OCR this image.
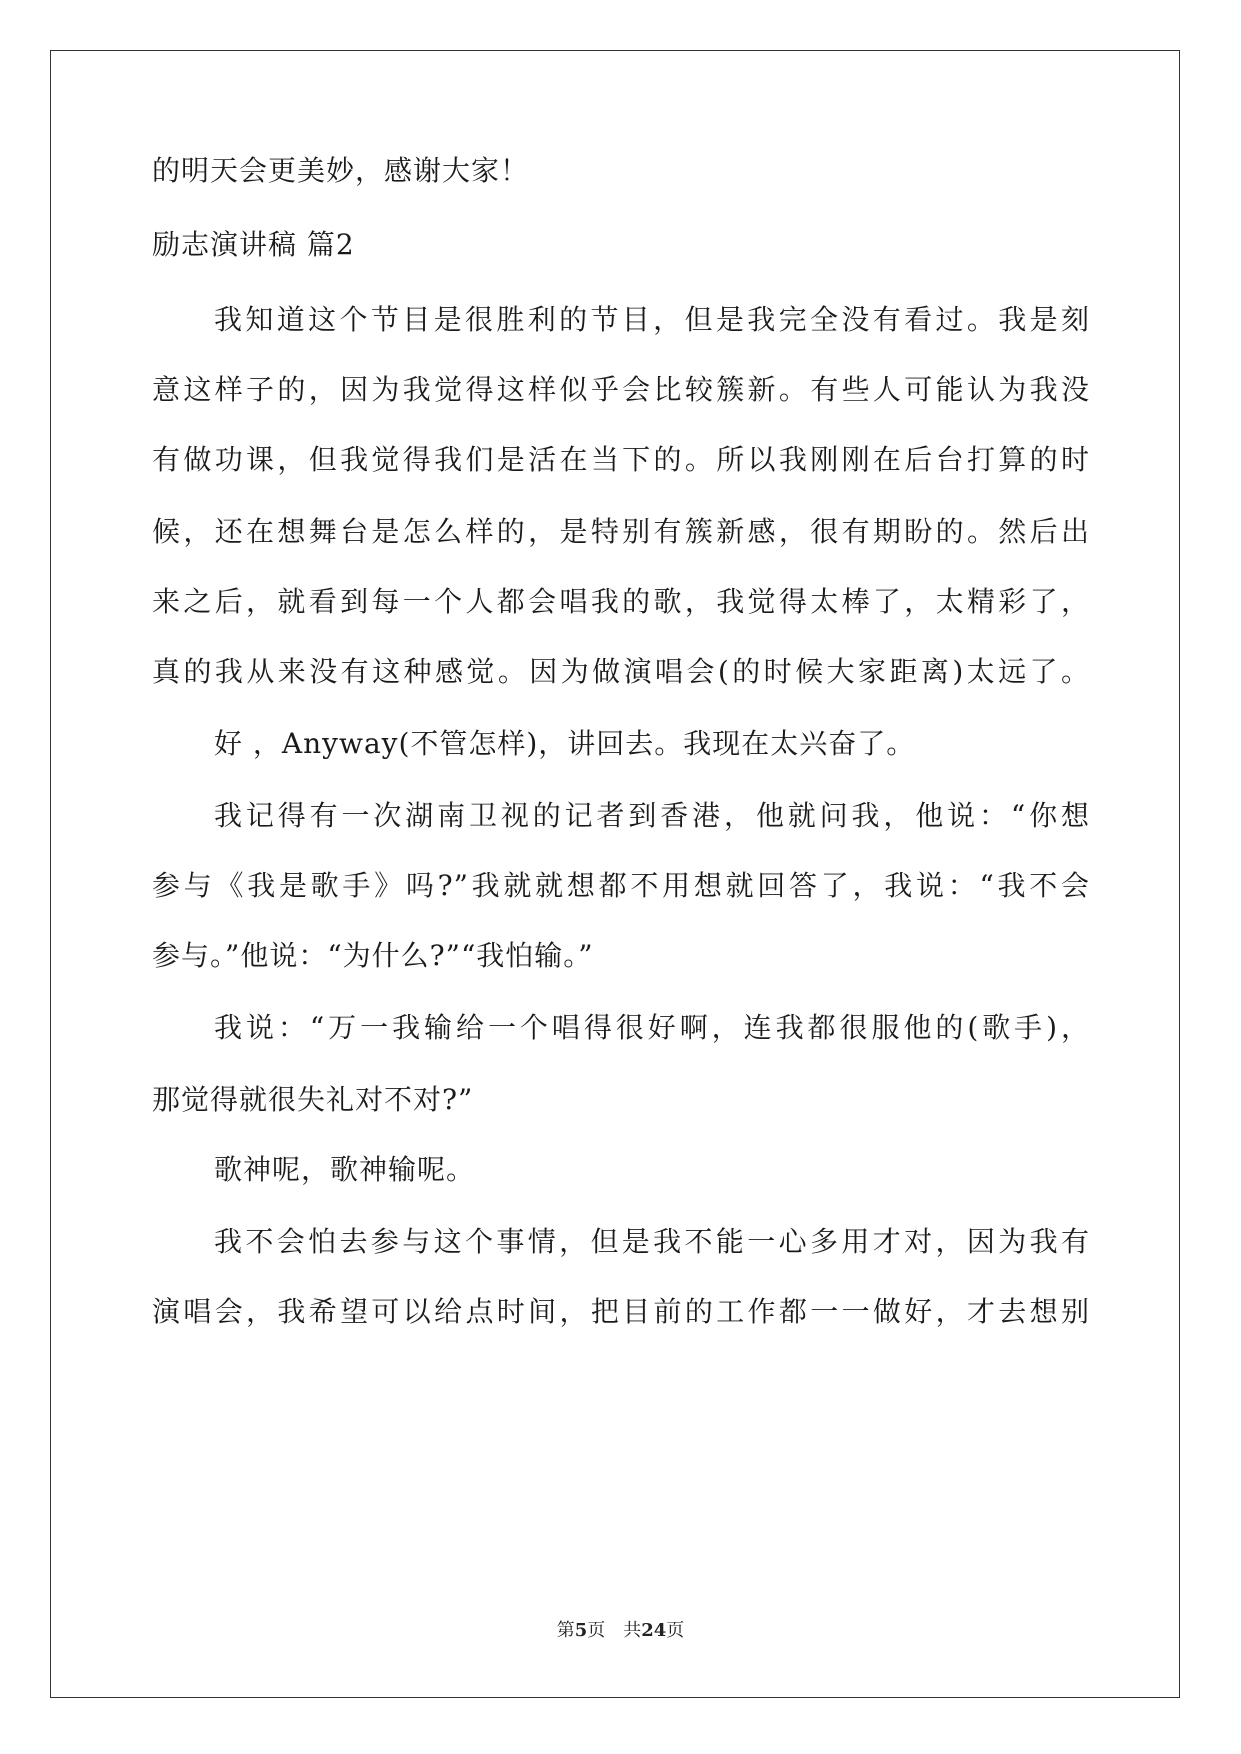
的明天会更美妙，感谢大家！
励志演讲稿 篇2
我知道这个节目是很胜利的节目，但是我完全没有看过。我是刻
意这样子的，因为我觉得这样似乎会比较簇新。有些人可能认为我没
有做功课，但我觉得我们是活在当下的。所以我刚刚在后台打算的时
候，还在想舞台是怎么样的，是特别有簇新感，很有期盼的。然后出
来之后，就看到每一个人都会唱我的歌，我觉得太棒了，太精彩了，
真的我从来没有这种感觉。因为做演唱会(的时候大家距离)太远了。
好 ，Anyway(不管怎样)，讲回去。我现在太兴奋了。
我记得有一次湖南卫视的记者到香港，他就问我，他说：“你想
参与《我是歌手》吗?”我就就想都不用想就回答了，我说：“我不会
参与。”他说：“为什么?”“我怕输。”
我说：“万一我输给一个唱得很好啊，连我都很服他的(歌手)，
那觉得就很失礼对不对?”
歌神呢，歌神输呢。
我不会怕去参与这个事情，但是我不能一心多用才对，因为我有
演唱会，我希望可以给点时间，把目前的工作都一一做好，才去想别
第5页 共24页
